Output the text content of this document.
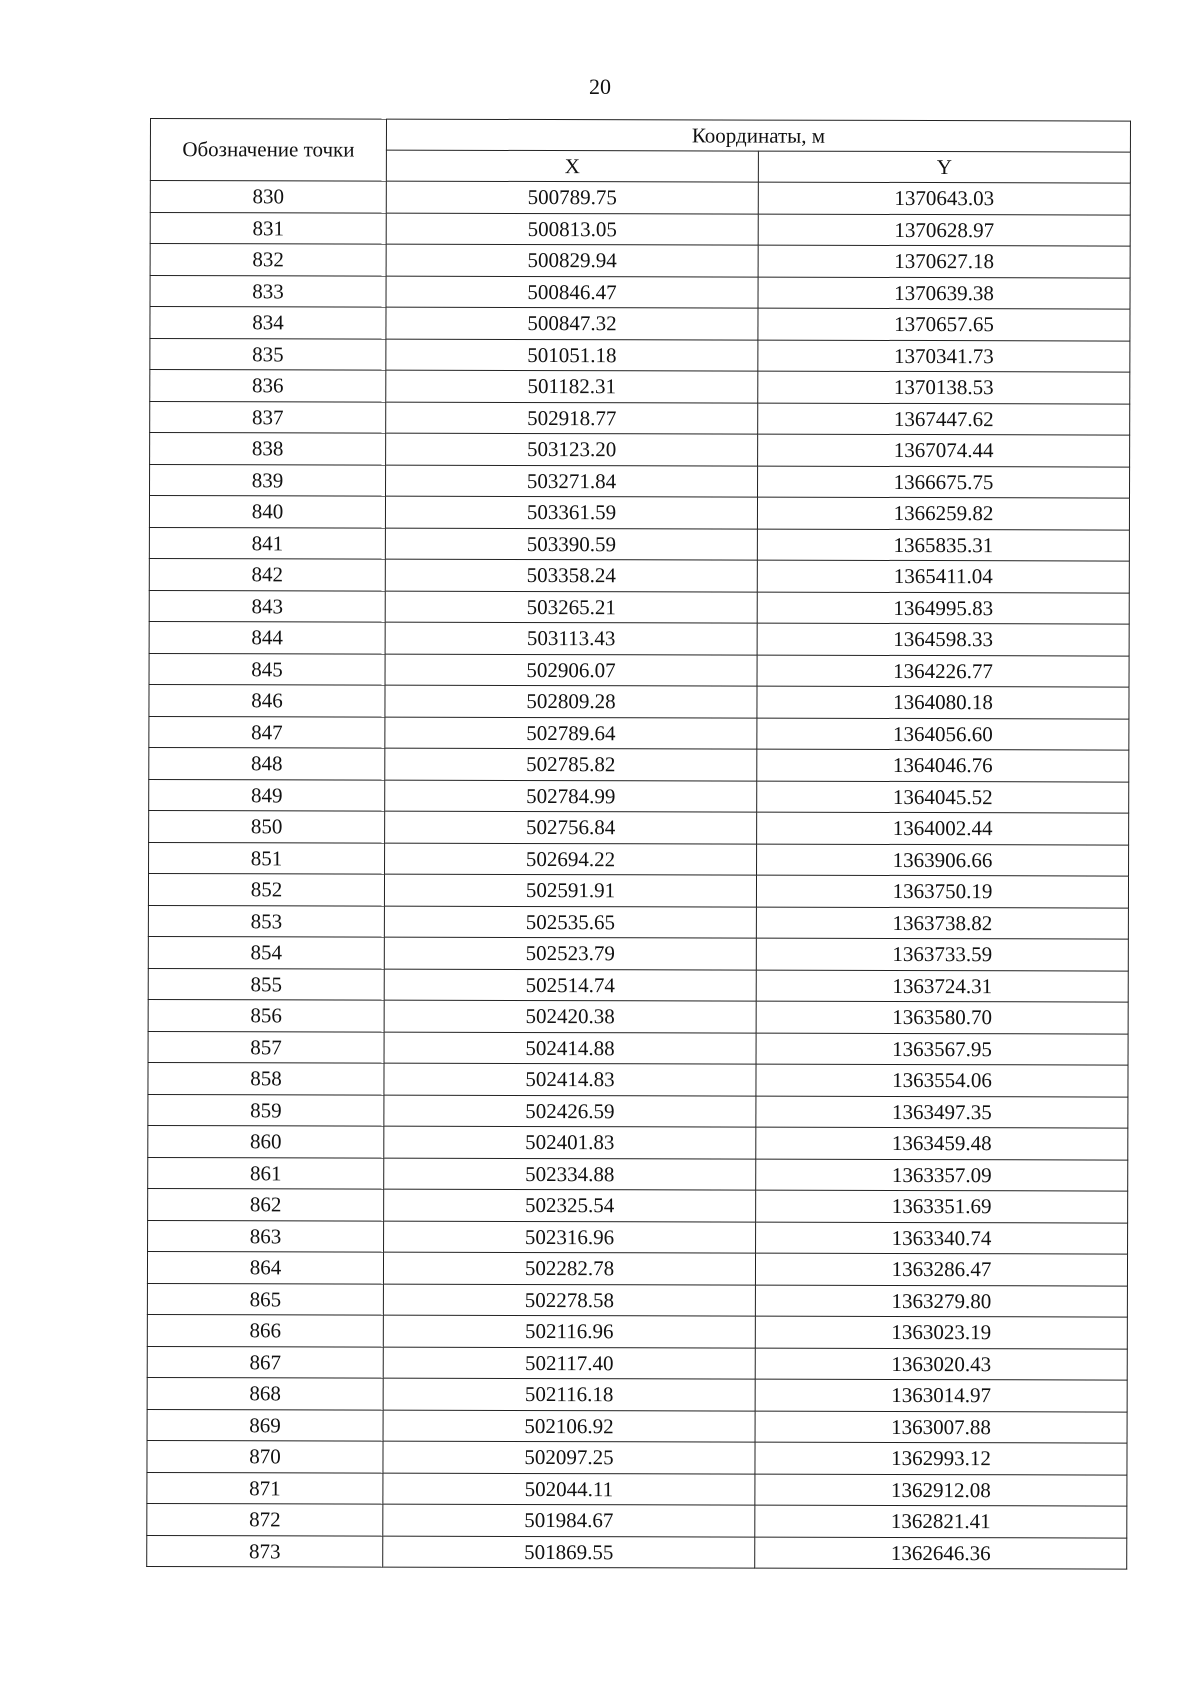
20
Обозначение точки	Координаты, м	
	X	Y
830	500789.75	1370643.03
831	500813.05	1370628.97
832	500829.94	1370627.18
833	500846.47	1370639.38
834	500847.32	1370657.65
835	501051.18	1370341.73
836	501182.31	1370138.53
837	502918.77	1367447.62
838	503123.20	1367074.44
839	503271.84	1366675.75
840	503361.59	1366259.82
841	503390.59	1365835.31
842	503358.24	1365411.04
843	503265.21	1364995.83
844	503113.43	1364598.33
845	502906.07	1364226.77
846	502809.28	1364080.18
847	502789.64	1364056.60
848	502785.82	1364046.76
849	502784.99	1364045.52
850	502756.84	1364002.44
851	502694.22	1363906.66
852	502591.91	1363750.19
853	502535.65	1363738.82
854	502523.79	1363733.59
855	502514.74	1363724.31
856	502420.38	1363580.70
857	502414.88	1363567.95
858	502414.83	1363554.06
859	502426.59	1363497.35
860	502401.83	1363459.48
861	502334.88	1363357.09
862	502325.54	1363351.69
863	502316.96	1363340.74
864	502282.78	1363286.47
865	502278.58	1363279.80
866	502116.96	1363023.19
867	502117.40	1363020.43
868	502116.18	1363014.97
869	502106.92	1363007.88
870	502097.25	1362993.12
871	502044.11	1362912.08
872	501984.67	1362821.41
873	501869.55	1362646.36
